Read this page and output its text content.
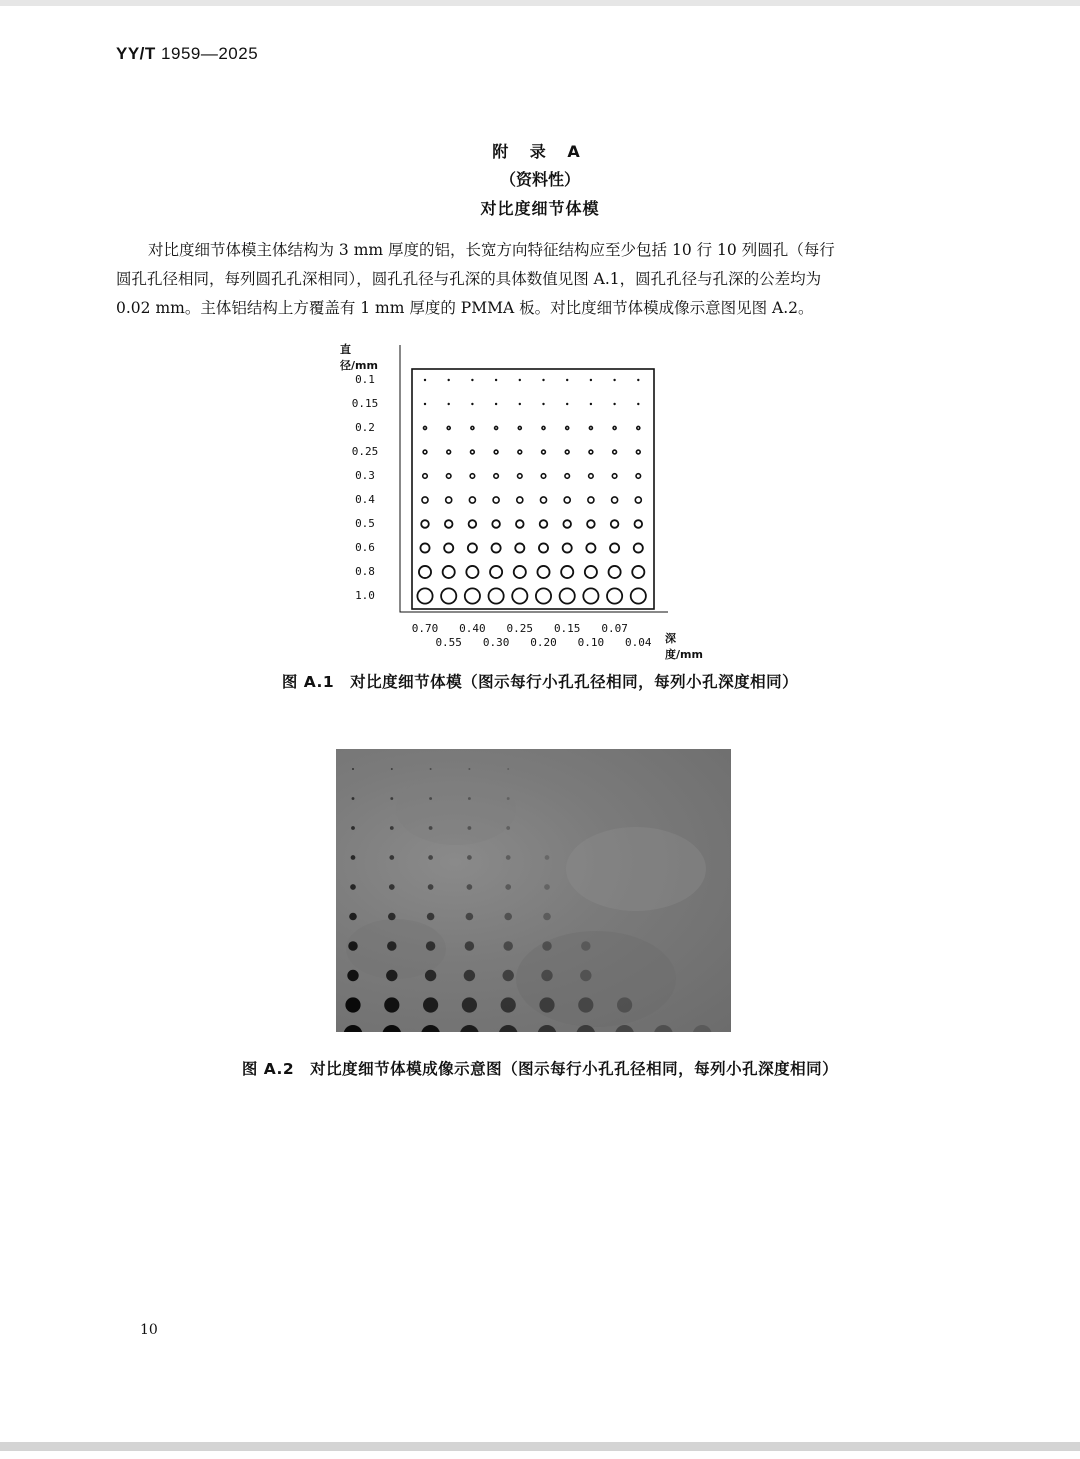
YY/T 1959—2025
附 录 A
（资料性）
对比度细节体模

对比度细节体模主体结构为 3 mm 厚度的铝，长宽方向特征结构应至少包括 10 行 10 列圆孔（每行

圆孔孔径相同，每列圆孔孔深相同），圆孔孔径与孔深的具体数值见图 A.1，圆孔孔径与孔深的公差均为

0.02 mm。主体铝结构上方覆盖有 1 mm 厚度的 PMMA 板。对比度细节体模成像示意图见图 A.2。

直径/mm
深度/mm
0.1
0.15
0.2
0.25
0.3
0.4
0.5
0.6
0.8
1.0
0.70
0.55
0.40
0.30
0.25
0.20
0.15
0.10
0.07
0.04
图 A.1　对比度细节体模（图示每行小孔孔径相同，每列小孔深度相同）
图 A.2　对比度细节体模成像示意图（图示每行小孔孔径相同，每列小孔深度相同）
10
